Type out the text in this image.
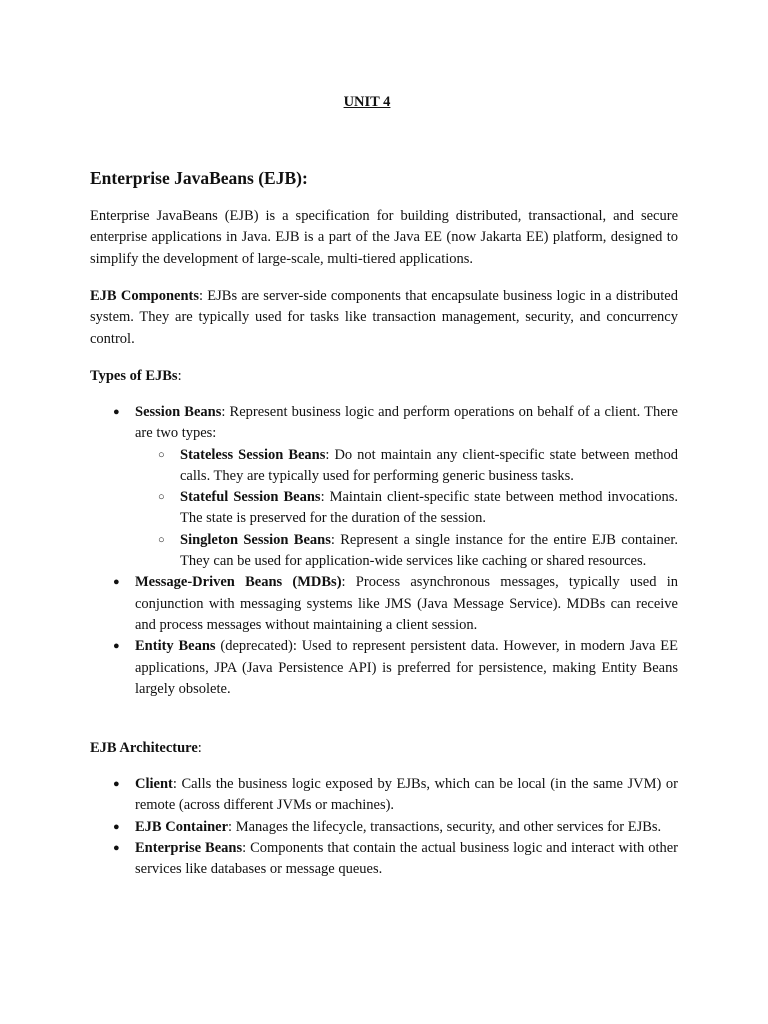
UNIT 4
Enterprise JavaBeans (EJB):
Enterprise JavaBeans (EJB) is a specification for building distributed, transactional, and secure enterprise applications in Java. EJB is a part of the Java EE (now Jakarta EE) platform, designed to simplify the development of large-scale, multi-tiered applications.
EJB Components: EJBs are server-side components that encapsulate business logic in a distributed system. They are typically used for tasks like transaction management, security, and concurrency control.
Types of EJBs:
●	Session Beans: Represent business logic and perform operations on behalf of a client. There are two types:
○ Stateless Session Beans: Do not maintain any client-specific state between method calls. They are typically used for performing generic business tasks.
○ Stateful Session Beans: Maintain client-specific state between method invocations. The state is preserved for the duration of the session.
○ Singleton Session Beans: Represent a single instance for the entire EJB container. They can be used for application-wide services like caching or shared resources.
●	Message-Driven Beans (MDBs): Process asynchronous messages, typically used in conjunction with messaging systems like JMS (Java Message Service). MDBs can receive and process messages without maintaining a client session.
●	Entity Beans (deprecated): Used to represent persistent data. However, in modern Java EE applications, JPA (Java Persistence API) is preferred for persistence, making Entity Beans largely obsolete.
EJB Architecture:
●	Client: Calls the business logic exposed by EJBs, which can be local (in the same JVM) or remote (across different JVMs or machines).
●	EJB Container: Manages the lifecycle, transactions, security, and other services for EJBs.
●	Enterprise Beans: Components that contain the actual business logic and interact with other services like databases or message queues.
